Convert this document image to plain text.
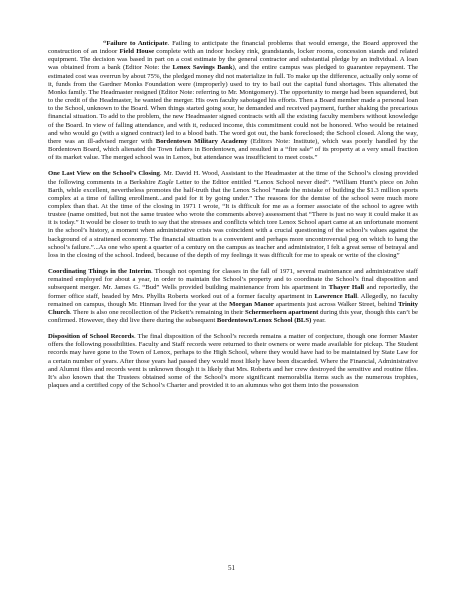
“Failure to Anticipate. Failing to anticipate the financial problems that would emerge, the Board approved the construction of an indoor Field House complete with an indoor hockey rink, grandstands, locker rooms, concession stands and related equipment. The decision was based in part on a cost estimate by the general contractor and substantial pledge by an individual. A loan was obtained from a bank (Editor Note: the Lenox Savings Bank), and the entire campus was pledged to guarantee repayment. The estimated cost was overrun by about 75%, the pledged money did not materialize in full. To make up the difference, actually only some of it, funds from the Gardner Monks Foundation were (improperly) used to try to bail out the capital fund shortages. This alienated the Monks family. The Headmaster resigned (Editor Note: referring to Mr. Montgomery). The opportunity to merge had been squandered, but to the credit of the Headmaster, he wanted the merger. His own faculty sabotaged his efforts. Then a Board member made a personal loan to the School, unknown to the Board. When things started going sour, he demanded and received payment, further shaking the precarious financial situation. To add to the problem, the new Headmaster signed contracts with all the existing faculty members without knowledge of the Board. In view of falling attendance, and with it, reduced income, this commitment could not be honored. Who would be retained and who would go (with a signed contract) led to a blood bath. The word got out, the bank foreclosed; the School closed. Along the way, there was an ill-advised merger with Bordentown Military Academy (Editors Note: Institute), which was poorly handled by the Bordentown Board, which alienated the Town fathers in Bordentown, and resulted in a “fire sale” of its property at a very small fraction of its market value. The merged school was in Lenox, but attendance was insufficient to meet costs.”

One Last View on the School’s Closing. Mr. David H. Wood, Assistant to the Headmaster at the time of the School’s closing provided the following comments in a Berkshire Eagle Letter to the Editor entitled “Lenox School never died”. “William Hunt’s piece on John Barth, while excellent, nevertheless promotes the half-truth that the Lenox School “made the mistake of building the $1.3 million sports complex at a time of falling enrollment...and paid for it by going under.” The reasons for the demise of the school were much more complex than that. At the time of the closing in 1971 I wrote, “It is difficult for me as a former associate of the school to agree with trustee (name omitted, but not the same trustee who wrote the comments above) assessment that “There is just no way it could make it as it is today.” It would be closer to truth to say that the stresses and conflicts which tore Lenox School apart came at an unfortunate moment in the school’s history, a moment when administrative crisis was coincident with a crucial questioning of the school’s values against the background of a straitened economy. The financial situation is a convenient and perhaps more uncontroversial peg on which to hang the school’s failure.”...As one who spent a quarter of a century on the campus as teacher and administrator, I felt a great sense of betrayal and loss in the closing of the school. Indeed, because of the depth of my feelings it was difficult for me to speak or write of the closing”

Coordinating Things in the Interim. Though not opening for classes in the fall of 1971, several maintenance and administrative staff remained employed for about a year, in order to maintain the School’s property and to coordinate the School’s final disposition and subsequent merger. Mr. James G. “Bud” Wells provided building maintenance from his apartment in Thayer Hall and reportedly, the former office staff, headed by Mrs. Phyllis Roberts worked out of a former faculty apartment in Lawrence Hall. Allegedly, no faculty remained on campus, though Mr. Hinman lived for the year at the Morgan Manor apartments just across Walker Street, behind Trinity Church. There is also one recollection of the Pickett’s remaining in their Schermerhorn apartment during this year, though this can’t be confirmed. However, they did live there during the subsequent Bordentown/Lenox School (BLS) year.

Disposition of School Records. The final disposition of the School’s records remains a matter of conjecture, though one former Master offers the following possibilities. Faculty and Staff records were returned to their owners or were made available for pickup. The Student records may have gone to the Town of Lenox, perhaps to the High School, where they would have had to be maintained by State Law for a certain number of years. After those years had passed they would most likely have been discarded. Where the Financial, Administrative and Alumni files and records went is unknown though it is likely that Mrs. Roberts and her crew destroyed the sensitive and routine files. It’s also known that the Trustees obtained some of the School’s more significant memorabilia items such as the numerous trophies, plaques and a certified copy of the School’s Charter and provided it to an alumnus who got them into the possession

51
